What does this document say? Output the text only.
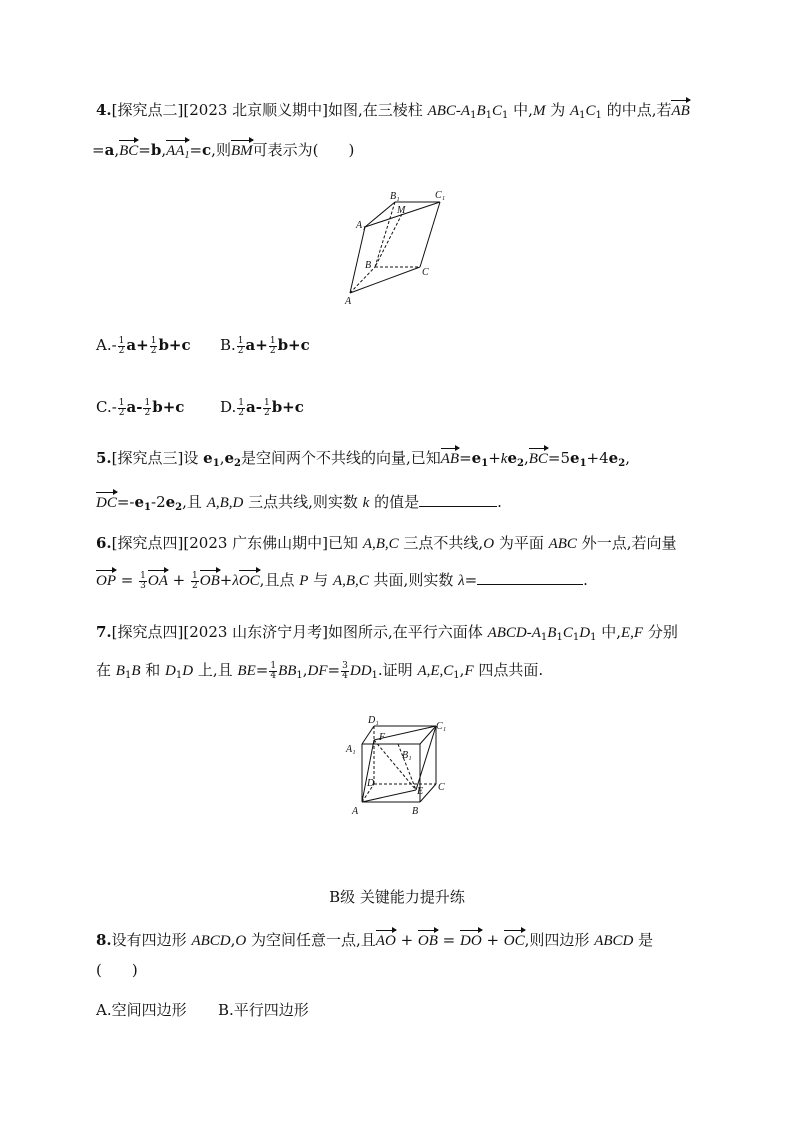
4.[探究点二][2023 北京顺义期中]如图,在三棱柱 ABC-$A_1B_1C_1$ 中,M 为 $A_1C_1$ 的中点,若AB
$=a,BC=b,AA_1=c$,则BM可表示为(　　)
B₁	C₁
M
A₁
B
C
A
$A.- \frac{1}{2} a+ \frac{1}{2} b+c$ B. $\frac{1}{2} a+ \frac{1}{2} b+c$
$C.- \frac{1}{2} a- \frac{1}{2} b+c$ D. $\frac{1}{2} a- \frac{1}{2} b+c$
5.[探究点三]设 $e_1,e_2$是空间两个不共线的向量,已知$AB=e_1+ke_2,BC=5e_1+4e_2$,
$DC=-e_1-2e_2$,且 A,B,D 三点共线,则实数 k 的值是	.
6.[探究点四][2023 广东佛山期中]已知 A,B,C 三点不共线,O 为平面 ABC 外一点,若向量
OP = $\frac{1}{3}$ OA + $\frac{1}{2} OB+\lambda OC$,且点 P 与 A,B,C 共面,则实数 λ=	.
7.[探究点四][2023 山东济宁月考]如图所示,在平行六面体 ABCD-$A_1B_1C_1D_1$ 中,E,F 分别
在 $B_1B$ 和 $D_1D$ 上,且 $BE= \frac{1}{4} BB_1,DF= \frac{3}{4} DD_1$.证明 $A,E,C_1,F$ 四点共面.
D₁
C₁
A₁
F
B₁
D	C
E
A	B
B级 关键能力提升练
8.设有四边形 ABCD,O 为空间任意一点,且AO + OB = DO + OC,则四边形 ABCD 是
(　　)
A.空间四边形 B.平行四边形
